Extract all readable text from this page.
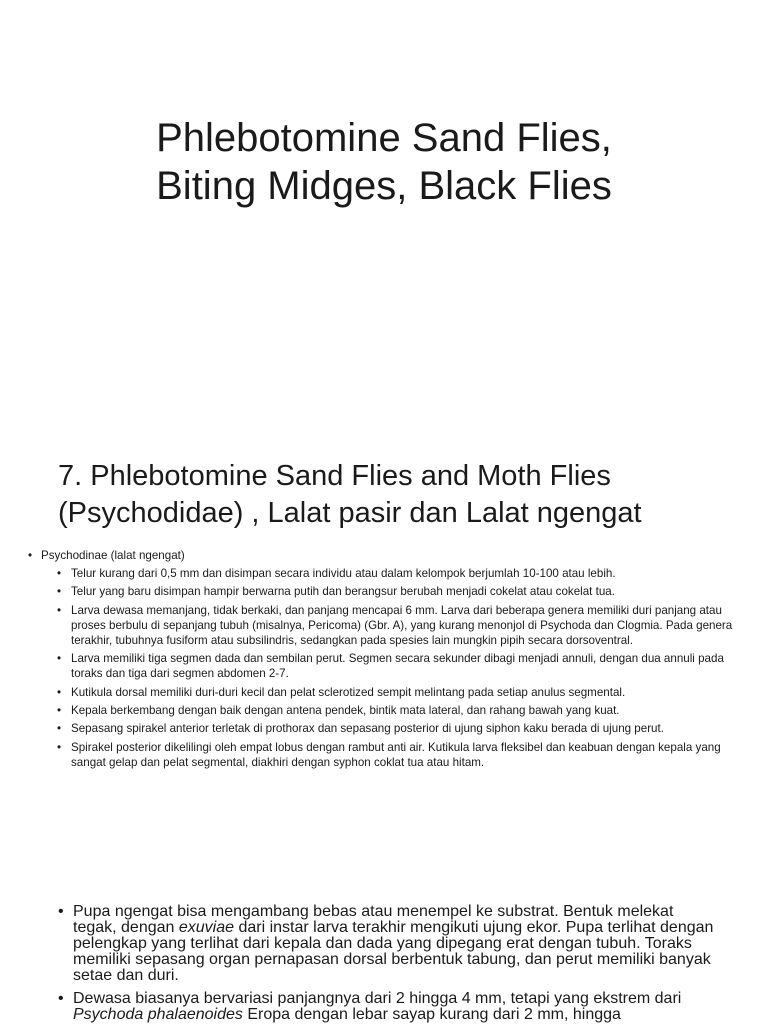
Phlebotomine Sand Flies,
Biting Midges, Black Flies
7. Phlebotomine Sand Flies and Moth Flies
(Psychodidae) , Lalat pasir dan Lalat ngengat
• Psychodinae (lalat ngengat)
• Telur kurang dari 0,5 mm dan disimpan secara individu atau dalam kelompok berjumlah 10-100 atau lebih.
• Telur yang baru disimpan hampir berwarna putih dan berangsur berubah menjadi cokelat atau cokelat tua.
• Larva dewasa memanjang, tidak berkaki, dan panjang mencapai 6 mm. Larva dari beberapa genera memiliki duri panjang atau proses berbulu di sepanjang tubuh (misalnya, Pericoma) (Gbr. A), yang kurang menonjol di Psychoda dan Clogmia. Pada genera terakhir, tubuhnya fusiform atau subsilindris, sedangkan pada spesies lain mungkin pipih secara dorsoventral.
• Larva memiliki tiga segmen dada dan sembilan perut. Segmen secara sekunder dibagi menjadi annuli, dengan dua annuli pada toraks dan tiga dari segmen abdomen 2-7.
• Kutikula dorsal memiliki duri-duri kecil dan pelat sclerotized sempit melintang pada setiap anulus segmental.
• Kepala berkembang dengan baik dengan antena pendek, bintik mata lateral, dan rahang bawah yang kuat.
• Sepasang spirakel anterior terletak di prothorax dan sepasang posterior di ujung siphon kaku berada di ujung perut.
• Spirakel posterior dikelilingi oleh empat lobus dengan rambut anti air. Kutikula larva fleksibel dan keabuan dengan kepala yang sangat gelap dan pelat segmental, diakhiri dengan syphon coklat tua atau hitam.
• Pupa ngengat bisa mengambang bebas atau menempel ke substrat. Bentuk melekat tegak, dengan exuviae dari instar larva terakhir mengikuti ujung ekor. Pupa terlihat dengan pelengkap yang terlihat dari kepala dan dada yang dipegang erat dengan tubuh. Toraks memiliki sepasang organ pernapasan dorsal berbentuk tabung, dan perut memiliki banyak setae dan duri.
• Dewasa biasanya bervariasi panjangnya dari 2 hingga 4 mm, tetapi yang ekstrem dari Psychoda phalaenoides Eropa dengan lebar sayap kurang dari 2 mm, hingga
